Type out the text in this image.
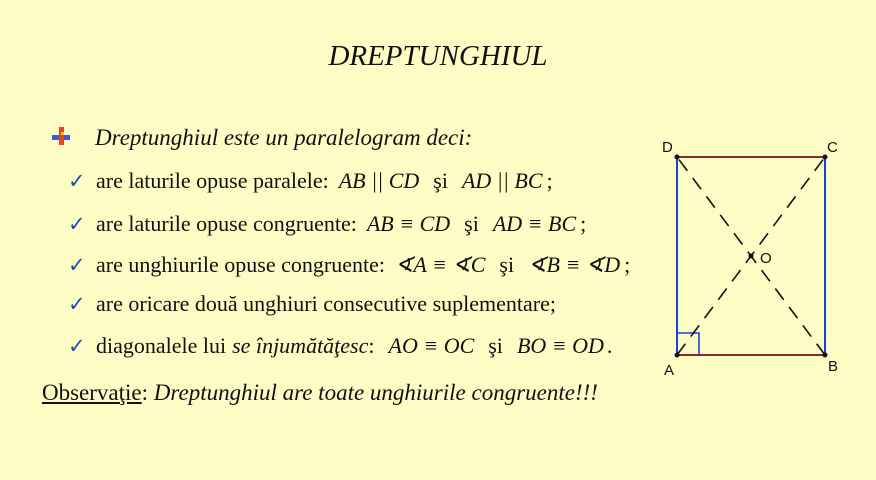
DREPTUNGHIUL
Dreptunghiul este un paralelogram deci:
✓ are laturile opuse paralele: AB || CD şi AD || BC ;
✓ are laturile opuse congruente: AB ≡ CD şi AD ≡ BC ;
✓ are unghiurile opuse congruente: ∢A ≡ ∢C şi ∢B ≡ ∢D ;
✓ are oricare două unghiuri consecutive suplementare;
✓ diagonalele lui se înjumătăţesc : AO ≡ OC şi BO ≡ OD .
Observaţie: Dreptunghiul are toate unghiurile congruente!!!
D	C
A	B
O
